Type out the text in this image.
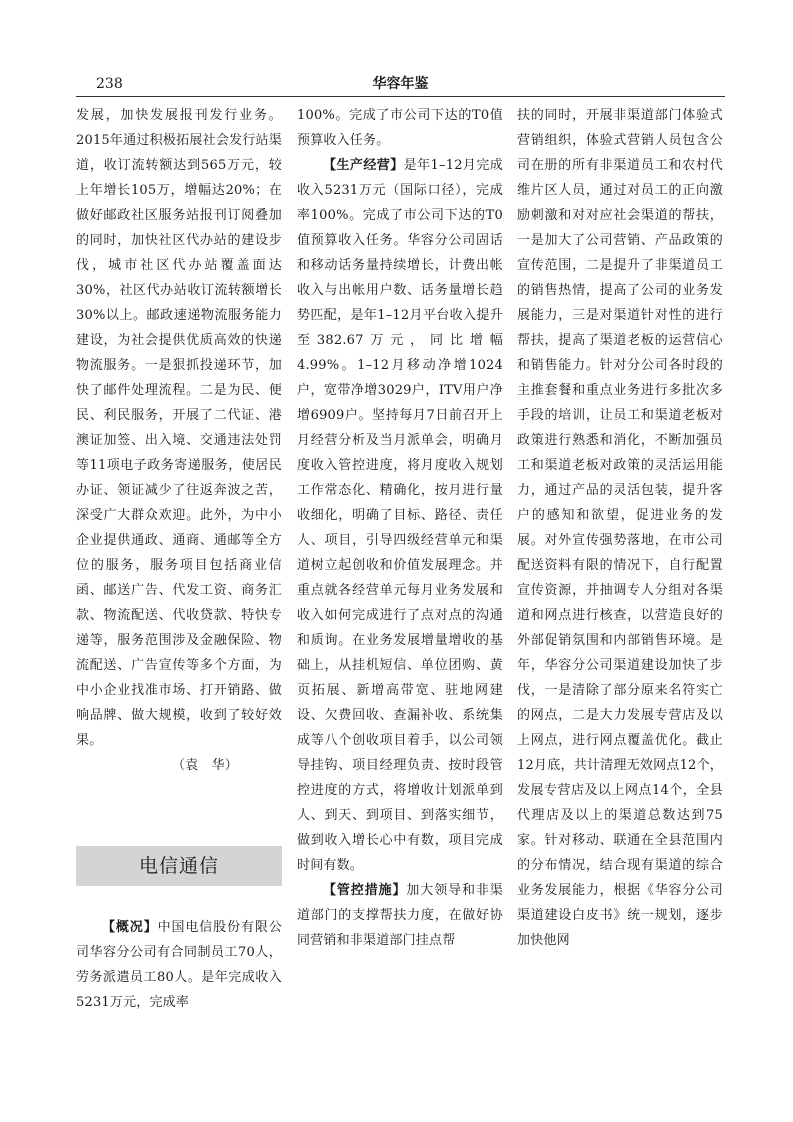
238	华容年鉴

发展，加快发展报刊发行业务。2015年通过积极拓展社会发行站渠道，收订流转额达到565万元，较上年增长105万，增幅达20%；在做好邮政社区服务站报刊订阅叠加的同时，加快社区代办站的建设步伐，城市社区代办站覆盖面达30%，社区代办站收订流转额增长30%以上。邮政速递物流服务能力建设，为社会提供优质高效的快递物流服务。一是狠抓投递环节，加快了邮件处理流程。二是为民、便民、利民服务，开展了二代证、港澳证加签、出入境、交通违法处罚等11项电子政务寄递服务，使居民办证、领证减少了往返奔波之苦，深受广大群众欢迎。此外，为中小企业提供通政、通商、通邮等全方位的服务，服务项目包括商业信函、邮送广告、代发工资、商务汇款、物流配送、代收贷款、特快专递等，服务范围涉及金融保险、物流配送、广告宣传等多个方面，为中小企业找准市场、打开销路、做响品牌、做大规模，收到了较好效果。

（袁　华）

电信通信

【概况】中国电信股份有限公司华容分公司有合同制员工70人，劳务派遣员工80人。是年完成收入5231万元，完成率

100%。完成了市公司下达的T0值预算收入任务。

【生产经营】是年1–12月完成收入5231万元（国际口径），完成率100%。完成了市公司下达的T0值预算收入任务。华容分公司固话和移动话务量持续增长，计费出帐收入与出帐用户数、话务量增长趋势匹配，是年1–12月平台收入提升至382.67万元，同比增幅4.99%。1–12月移动净增1024户，宽带净增3029户，ITV用户净增6909户。坚持每月7日前召开上月经营分析及当月派单会，明确月度收入管控进度，将月度收入规划工作常态化、精确化，按月进行量收细化，明确了目标、路径、责任人、项目，引导四级经营单元和渠道树立起创收和价值发展理念。并重点就各经营单元每月业务发展和收入如何完成进行了点对点的沟通和质询。在业务发展增量增收的基础上，从挂机短信、单位团购、黄页拓展、新增高带宽、驻地网建设、欠费回收、查漏补收、系统集成等八个创收项目着手，以公司领导挂钩、项目经理负责、按时段管控进度的方式，将增收计划派单到人、到天、到项目、到落实细节，做到收入增长心中有数，项目完成时间有数。

【管控措施】加大领导和非渠道部门的支撑帮扶力度，在做好协同营销和非渠道部门挂点帮

扶的同时，开展非渠道部门体验式营销组织，体验式营销人员包含公司在册的所有非渠道员工和农村代维片区人员，通过对员工的正向激励刺激和对对应社会渠道的帮扶，一是加大了公司营销、产品政策的宣传范围，二是提升了非渠道员工的销售热情，提高了公司的业务发展能力，三是对渠道针对性的进行帮扶，提高了渠道老板的运营信心和销售能力。针对分公司各时段的主推套餐和重点业务进行多批次多手段的培训，让员工和渠道老板对政策进行熟悉和消化，不断加强员工和渠道老板对政策的灵活运用能力，通过产品的灵活包装，提升客户的感知和欲望，促进业务的发展。对外宣传强势落地，在市公司配送资料有限的情况下，自行配置宣传资源，并抽调专人分组对各渠道和网点进行核查，以营造良好的外部促销氛围和内部销售环境。是年，华容分公司渠道建设加快了步伐，一是清除了部分原来名符实亡的网点，二是大力发展专营店及以上网点，进行网点覆盖优化。截止12月底，共计清理无效网点12个，发展专营店及以上网点14个，全县代理店及以上的渠道总数达到75家。针对移动、联通在全县范围内的分布情况，结合现有渠道的综合业务发展能力，根据《华容分公司渠道建设白皮书》统一规划，逐步加快他网
